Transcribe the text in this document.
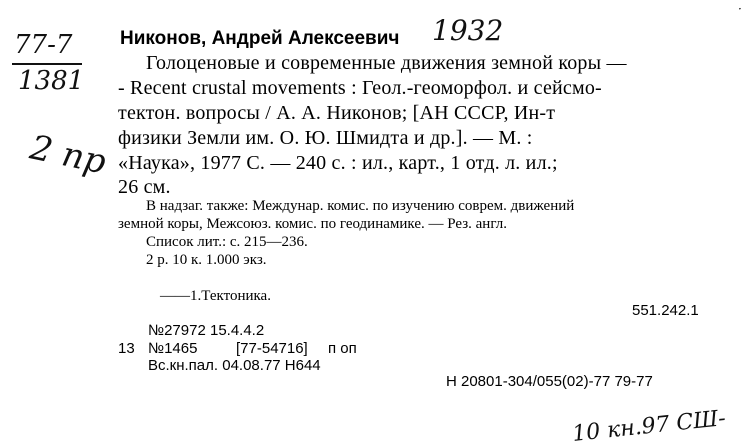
77-7
1381
2 пр
Никонов, Андрей Алексеевич 1932
Голоценовые и современные движения земной коры —
- Recent crustal movements : Геол.-геоморфол. и сейсмо-
тектон. вопросы / А. А. Никонов; [АН СССР, Ин-т
физики Земли им. О. Ю. Шмидта и др.]. — М. :
«Наука», 1977 С. — 240 с. : ил., карт., 1 отд. л. ил.;
26 см.
В надзаг. также: Междунар. комис. по изучению соврем. движений
земной коры, Межсоюз. комис. по геодинамике. — Рез. англ.
Список лит.: с. 215—236.
2 р. 10 к. 1.000 экз.
——1.Тектоника.
551.242.1
№27972 15.4.4.2
13 №1465	[77-54716] п оп
Вс.кн.пал. 04.08.77 Н644
Н 20801-304/055(02)-77 79-77
10 кн.97 СШ-
·
